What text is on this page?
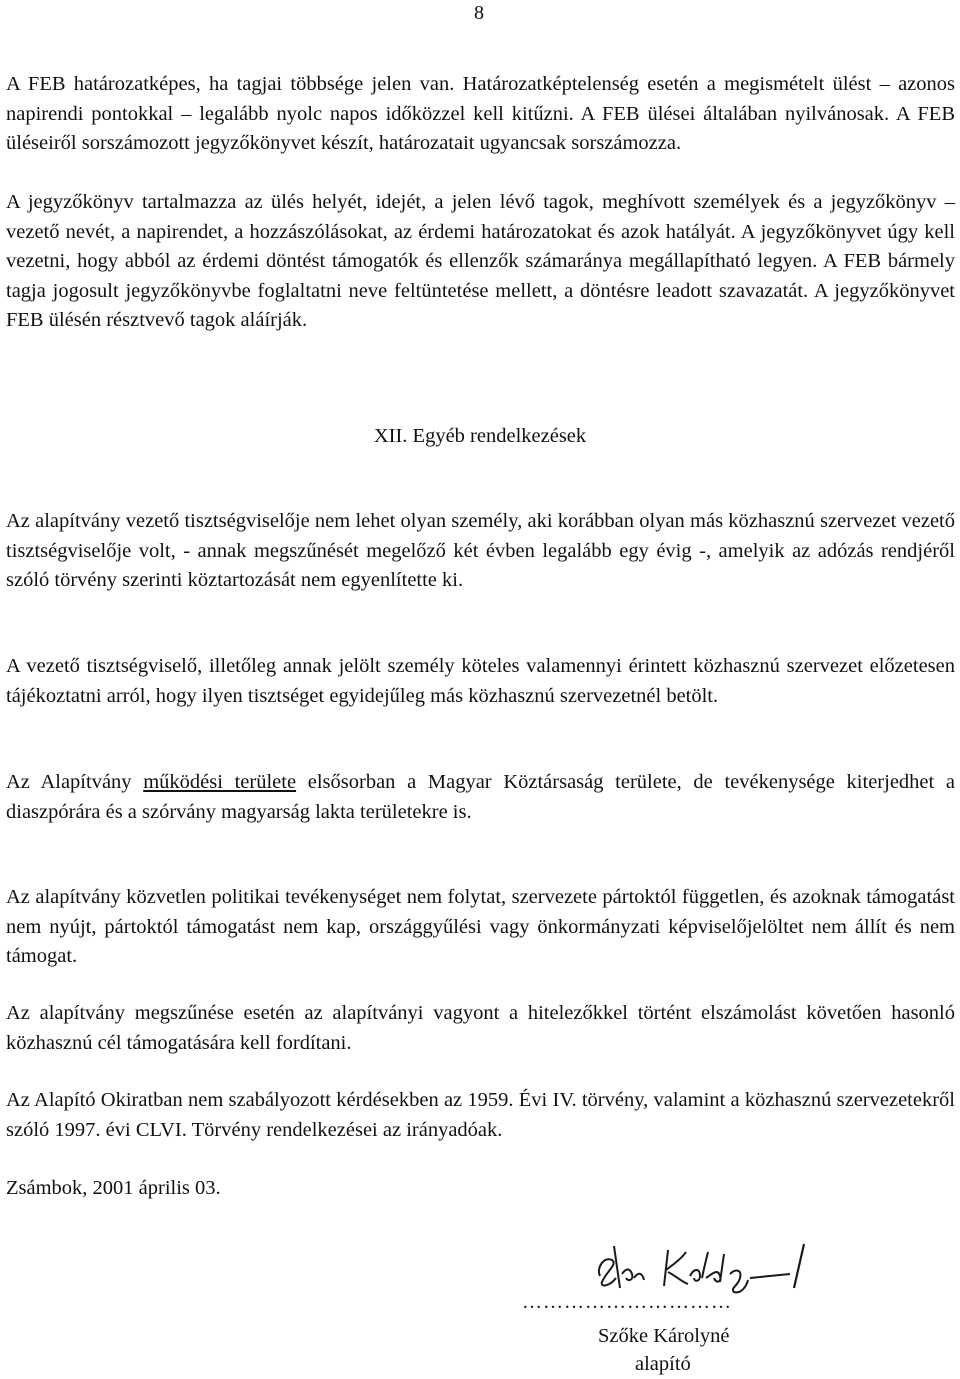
8

A FEB határozatképes, ha tagjai többsége jelen van. Határozatképtelenség esetén a megismételt ülést – azonos napirendi pontokkal – legalább nyolc napos időközzel kell kitűzni. A FEB ülései általában nyilvánosak. A FEB üléseiről sorszámozott jegyzőkönyvet készít, határozatait ugyancsak sorszámozza.

A jegyzőkönyv tartalmazza az ülés helyét, idejét, a jelen lévő tagok, meghívott személyek és a jegyzőkönyv –vezető nevét, a napirendet, a hozzászólásokat, az érdemi határozatokat és azok hatályát. A jegyzőkönyvet úgy kell vezetni, hogy abból az érdemi döntést támogatók és ellenzők számaránya megállapítható legyen. A FEB bármely tagja jogosult jegyzőkönyvbe foglaltatni neve feltüntetése mellett, a döntésre leadott szavazatát. A jegyzőkönyvet FEB ülésén résztvevő tagok aláírják.

XII. Egyéb rendelkezések

Az alapítvány vezető tisztségviselője nem lehet olyan személy, aki korábban olyan más közhasznú szervezet vezető tisztségviselője volt, - annak megszűnését megelőző két évben legalább egy évig -, amelyik az adózás rendjéről szóló törvény szerinti köztartozását nem egyenlítette ki.

A vezető tisztségviselő, illetőleg annak jelölt személy köteles valamennyi érintett közhasznú szervezet előzetesen tájékoztatni arról, hogy ilyen tisztséget egyidejűleg más közhasznú szervezetnél betölt.

Az Alapítvány működési területe elsősorban a Magyar Köztársaság területe, de tevékenysége kiterjedhet a diaszpórára és a szórvány magyarság lakta területekre is.

Az alapítvány közvetlen politikai tevékenységet nem folytat, szervezete pártoktól független, és azoknak támogatást nem nyújt, pártoktól támogatást nem kap, országgyűlési vagy önkormányzati képviselőjelöltet nem állít és nem támogat.

Az alapítvány megszűnése esetén az alapítványi vagyont a hitelezőkkel történt elszámolást követően hasonló közhasznú cél támogatására kell fordítani.

Az Alapító Okiratban nem szabályozott kérdésekben az 1959. Évi IV. törvény, valamint a közhasznú szervezetekről szóló 1997. évi CLVI. Törvény rendelkezései az irányadóak.

Zsámbok, 2001 április 03.

…………………………
Szőke Károlyné
alapító
